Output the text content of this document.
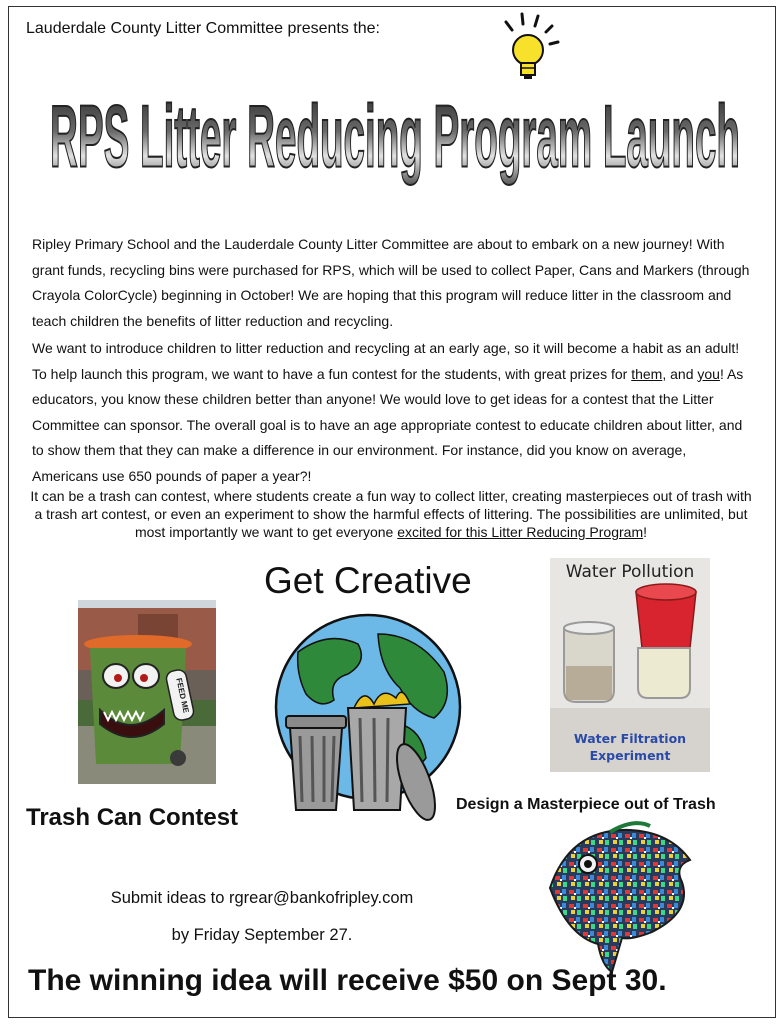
Lauderdale County Litter Committee presents the:
RPS Litter Reducing Program Launch

Ripley Primary School and the Lauderdale County Litter Committee are about to embark on a new journey! With grant funds, recycling bins were purchased for RPS, which will be used to collect Paper, Cans and Markers (through Crayola ColorCycle) beginning in October! We are hoping that this program will reduce litter in the classroom and teach children the benefits of litter reduction and recycling.

We want to introduce children to litter reduction and recycling at an early age, so it will become a habit as an adult! To help launch this program, we want to have a fun contest for the students, with great prizes for them, and you! As educators, you know these children better than anyone! We would love to get ideas for a contest that the Litter Committee can sponsor. The overall goal is to have an age appropriate contest to educate children about litter, and to show them that they can make a difference in our environment. For instance, did you know on average, Americans use 650 pounds of paper a year?!

It can be a trash can contest, where students create a fun way to collect litter, creating masterpieces out of trash with a trash art contest, or even an experiment to show the harmful effects of littering. The possibilities are unlimited, but most importantly we want to get everyone excited for this Litter Reducing Program!

Get Creative	Water Pollution
Water Filtration Experiment
FEED ME
Design a Masterpiece out of Trash
Trash Can Contest
Submit ideas to rgrear@bankofripley.com
by Friday September 27.
The winning idea will receive $50 on Sept 30.
